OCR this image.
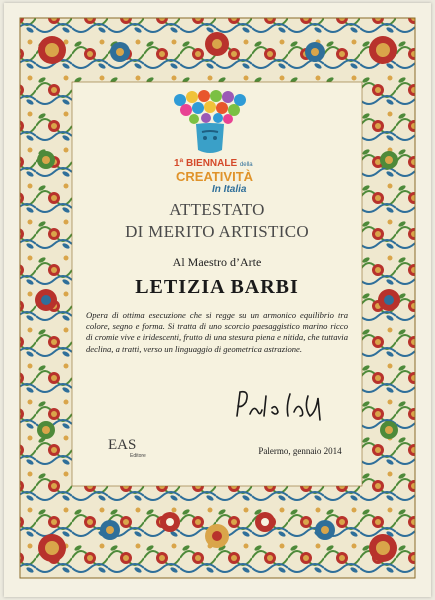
1ª BIENNALE della
CREATIVITÀ
In Italia
ATTESTATO
DI MERITO ARTISTICO
Al Maestro d’Arte
LETIZIA BARBI
Opera di ottima esecuzione che si regge su un armonico equilibrio tra colore, segno e forma. Si tratta di uno scorcio paesaggistico marino ricco di cromie vive e iridescenti, frutto di una stesura piena e nitida, che tuttavia declina, a tratti, verso un linguaggio di geometrica astrazione.
EAS
Editore	Palermo, gennaio 2014
